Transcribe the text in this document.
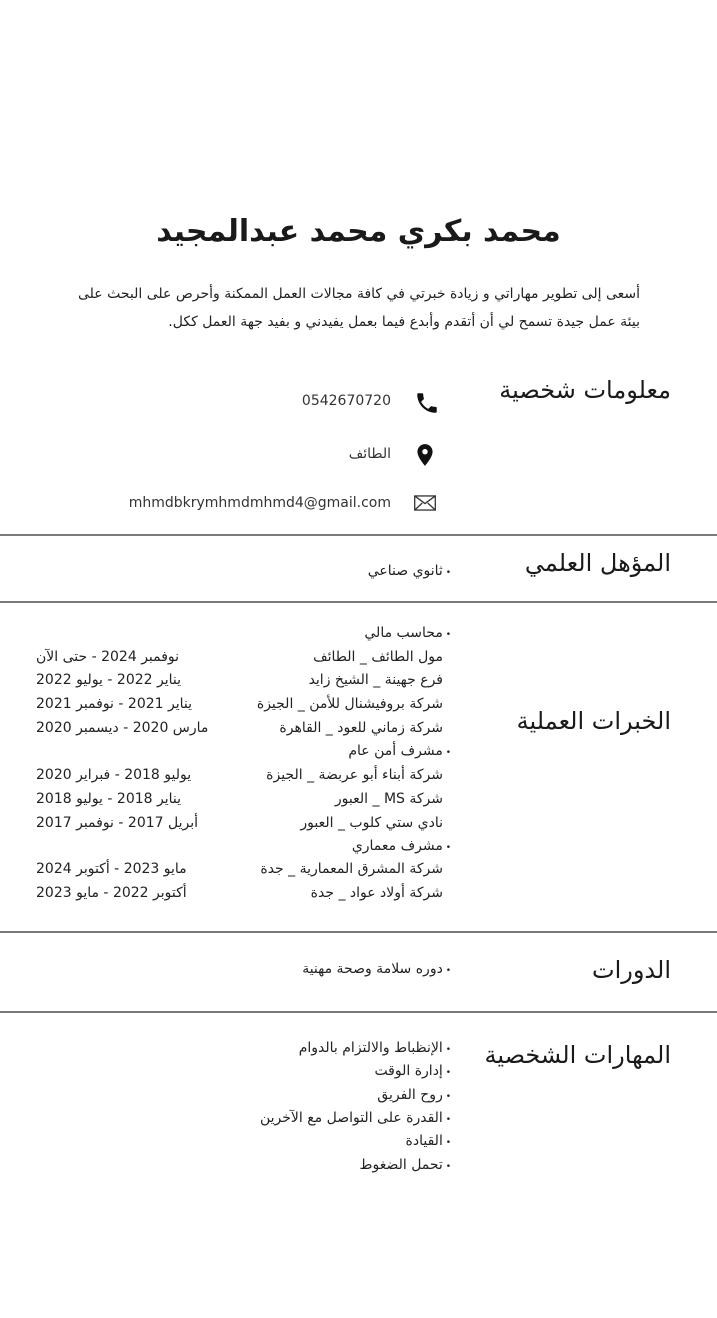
محمد بكري محمد عبدالمجيد
أسعى إلى تطوير مهاراتي و زيادة خبرتي في كافة مجالات العمل الممكنة وأحرص على البحث على بيئة عمل جيدة تسمح لي أن أتقدم وأبدع فيما بعمل يفيدني و بفيد جهة العمل ككل.
معلومات شخصية
0542670720
الطائف
mhmdbkrymhmdmhmd4@gmail.com
المؤهل العلمي
• ثانوي صناعي
الخبرات العملية
• محاسب مالي
مول الطائف _ الطائف
نوفمبر 2024 - حتى الآن
فرع جهينة _ الشيخ زايد
يناير 2022 - يوليو 2022
شركة بروفيشنال للأمن _ الجيزة
يناير 2021 - نوفمبر 2021
شركة زماني للعود _ القاهرة
مارس 2020 - ديسمبر 2020
• مشرف أمن عام
شركة أبناء أبو عربضة _ الجيزة
يوليو 2018 - فبراير 2020
شركة MS _ العبور
يناير 2018 - يوليو 2018
نادي ستي كلوب _ العبور
أبريل 2017 - نوفمبر 2017
• مشرف معماري
شركة المشرق المعمارية _ جدة
مايو 2023 - أكتوبر 2024
شركة أولاد عواد _ جدة
أكتوبر 2022 - مايو 2023
الدورات
• دوره سلامة وصحة مهنية
المهارات الشخصية
• الإنظباط والالتزام بالدوام
• إدارة الوقت
• روح الفريق
• القدرة على التواصل مع الآخرين
• القيادة
• تحمل الضغوط
